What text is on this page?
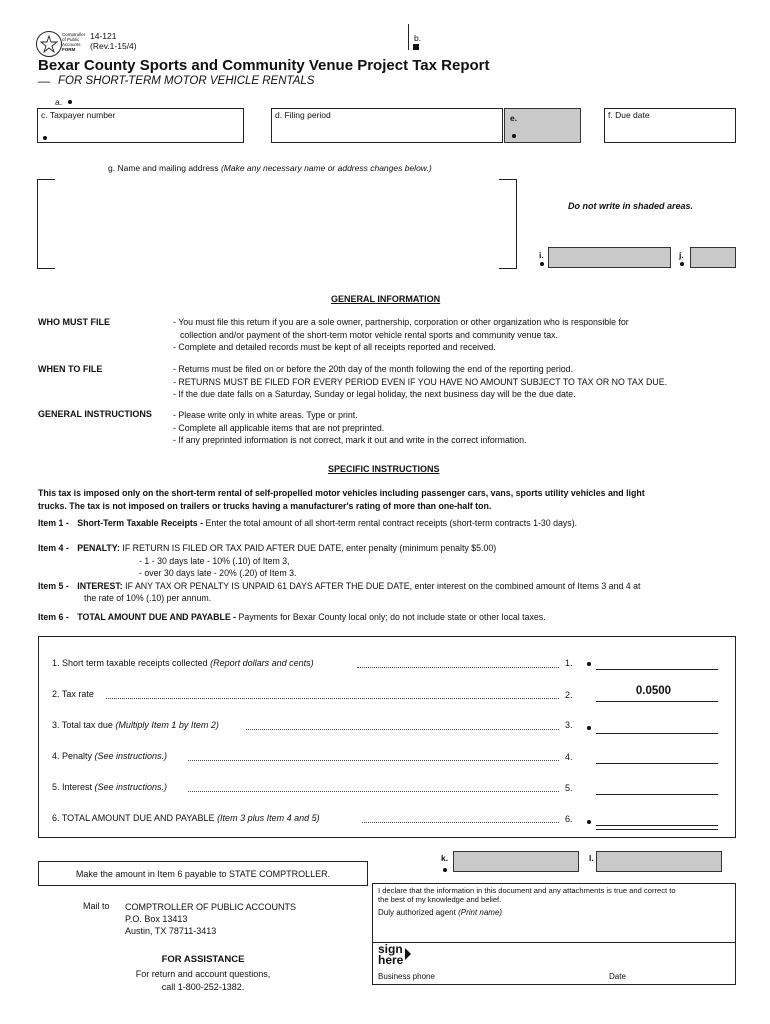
Comptroller
of Public
Accounts
FORM
14-121
(Rev.1-15/4)
b.
Bexar County Sports and Community Venue Project Tax Report
— FOR SHORT-TERM MOTOR VEHICLE RENTALS
a.
c. Taxpayer number	d. Filing period	e.	f. Due date
g. Name and mailing address (Make any necessary name or address changes below.)
Do not write in shaded areas.
i.	j.
GENERAL INFORMATION
WHO MUST FILE	- You must file this return if you are a sole owner, partnership, corporation or other organization who is responsible for
collection and/or payment of the short-term motor vehicle rental sports and community venue tax.
- Complete and detailed records must be kept of all receipts reported and received.
WHEN TO FILE	- Returns must be filed on or before the 20th day of the month following the end of the reporting period.
- RETURNS MUST BE FILED FOR EVERY PERIOD EVEN IF YOU HAVE NO AMOUNT SUBJECT TO TAX OR NO TAX DUE.
- If the due date falls on a Saturday, Sunday or legal holiday, the next business day will be the due date.
GENERAL INSTRUCTIONS - Please write only in white areas. Type or print.
- Complete all applicable items that are not preprinted.
- If any preprinted information is not correct, mark it out and write in the correct information.
SPECIFIC INSTRUCTIONS
This tax is imposed only on the short-term rental of self-propelled motor vehicles including passenger cars, vans, sports utility vehicles and light
trucks. The tax is not imposed on trailers or trucks having a manufacturer's rating of more than one-half ton.
Item 1 - Short-Term Taxable Receipts - Enter the total amount of all short-term rental contract receipts (short-term contracts 1-30 days).
Item 4 - PENALTY: IF RETURN IS FILED OR TAX PAID AFTER DUE DATE, enter penalty (minimum penalty $5.00)
- 1 - 30 days late - 10% (.10) of Item 3,
- over 30 days late - 20% (.20) of Item 3.
Item 5 - INTEREST: IF ANY TAX OR PENALTY IS UNPAID 61 DAYS AFTER THE DUE DATE, enter interest on the combined amount of Items 3 and 4 at
the rate of 10% (.10) per annum.
Item 6 - TOTAL AMOUNT DUE AND PAYABLE - Payments for Bexar County local only; do not include state or other local taxes.
1. Short term taxable receipts collected (Report dollars and cents)	1.
2. Tax rate	2.	0.0500
3. Total tax due (Multiply Item 1 by Item 2)	3.
4. Penalty (See instructions.)	4.
5. Interest (See instructions.)	5.
6. TOTAL AMOUNT DUE AND PAYABLE (Item 3 plus Item 4 and 5)	6.
Make the amount in Item 6 payable to STATE COMPTROLLER.
Mail to COMPTROLLER OF PUBLIC ACCOUNTS
P.O. Box 13413
Austin, TX 78711-3413
FOR ASSISTANCE
For return and account questions,
call 1-800-252-1382.
k.	l.
I declare that the information in this document and any attachments is true and correct to
the best of my knowledge and belief.
Duly authorized agent (Print name)
sign
here
Business phone	Date
